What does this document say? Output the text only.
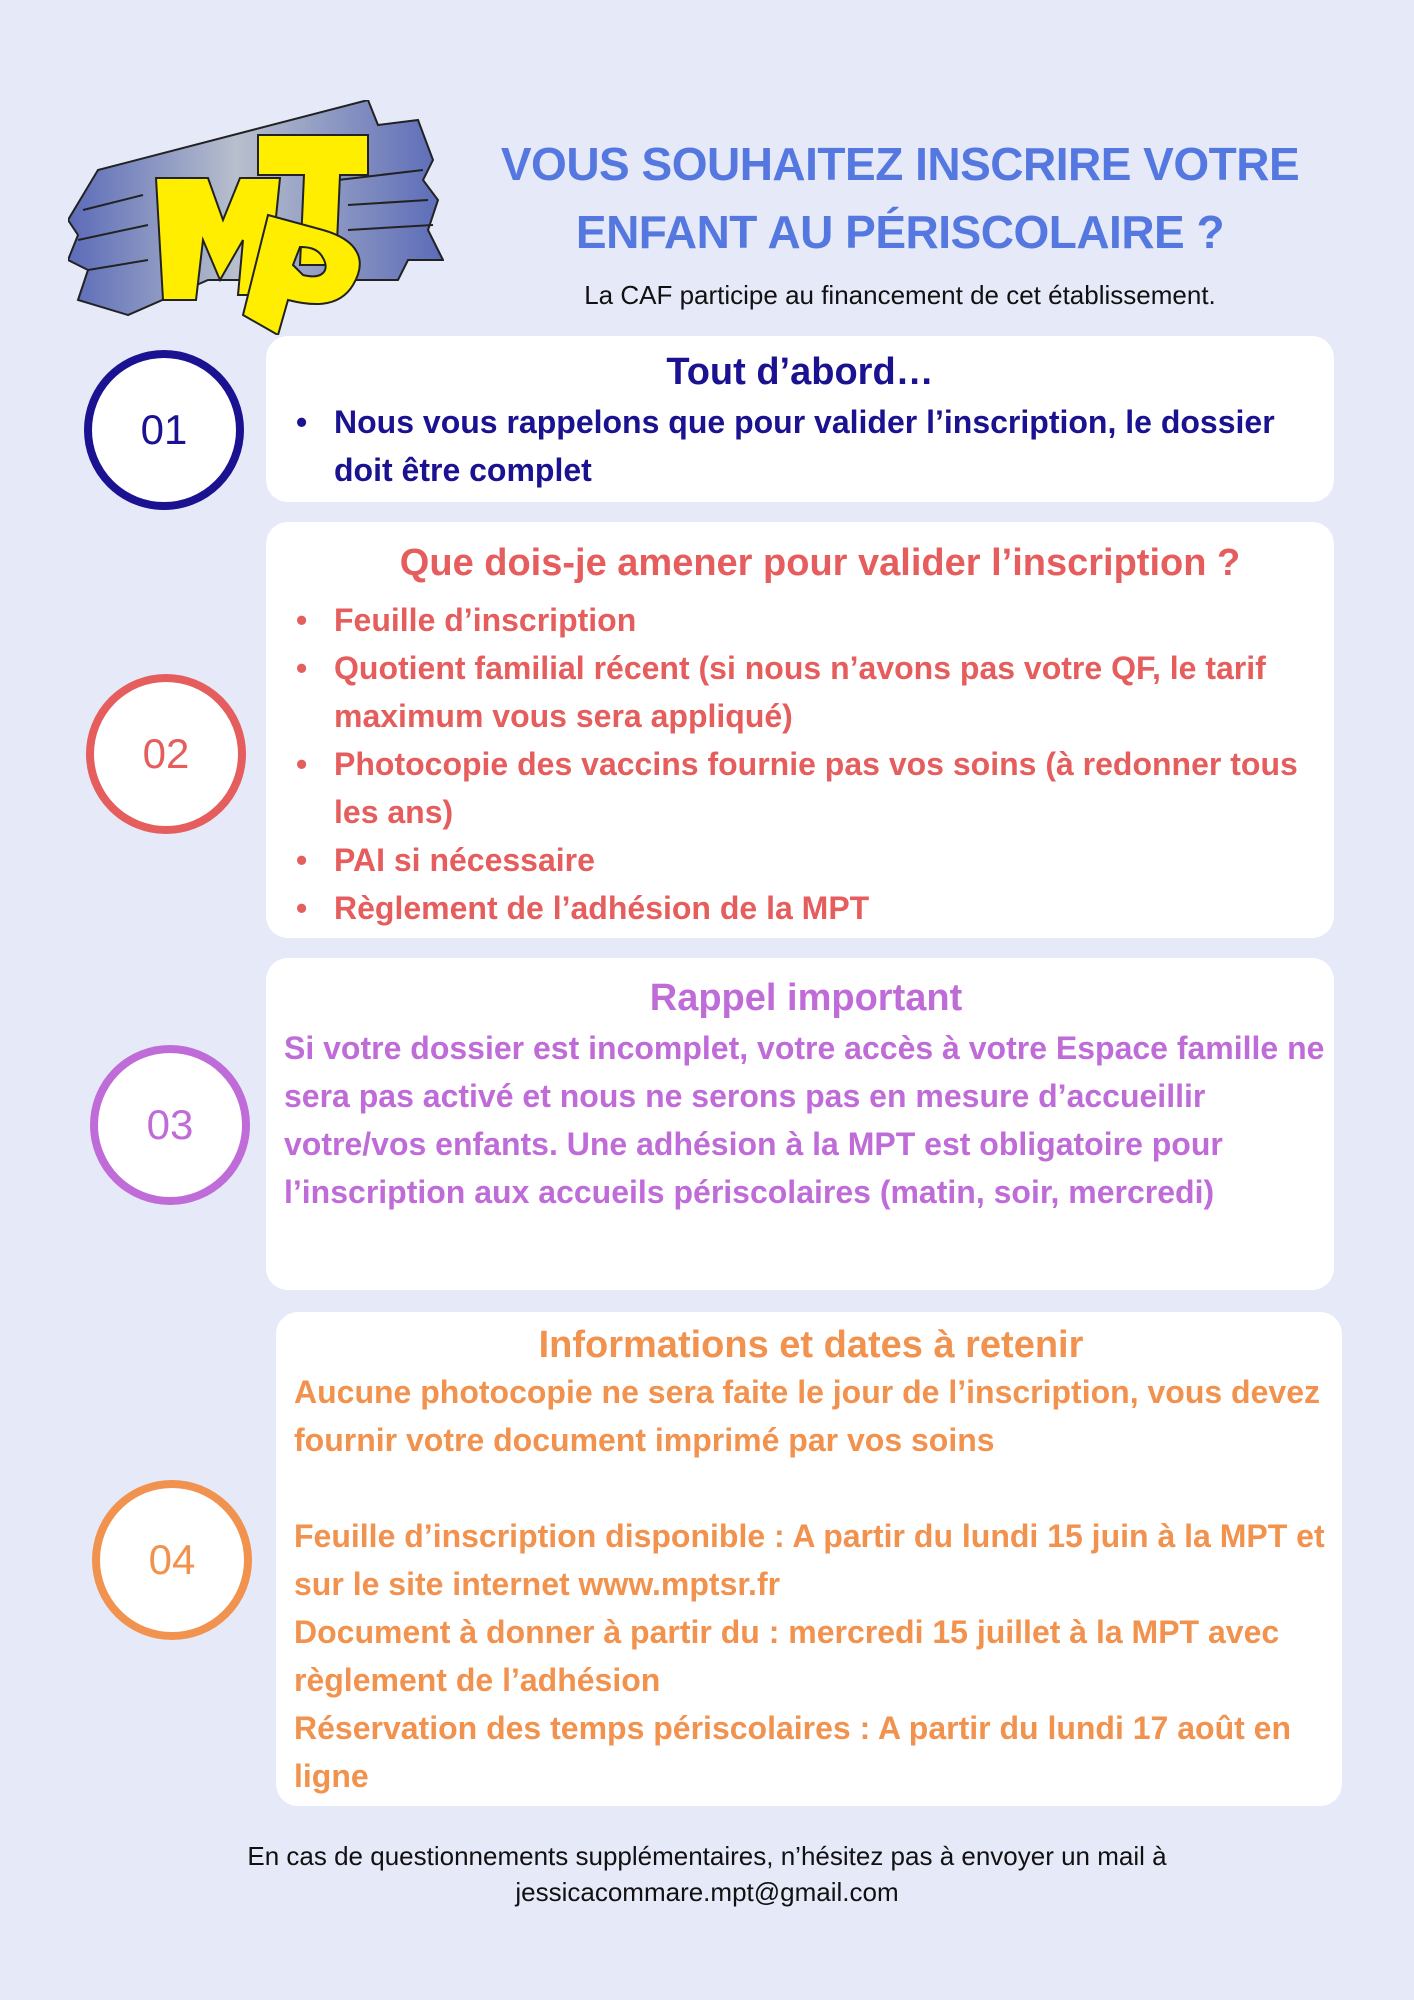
VOUS SOUHAITEZ INSCRIRE VOTRE
ENFANT AU PÉRISCOLAIRE ?
La CAF participe au financement de cet établissement.
01
Tout d’abord…
• Nous vous rappelons que pour valider l’inscription, le dossier doit être complet
02
Que dois-je amener pour valider l’inscription ?
• Feuille d’inscription
• Quotient familial récent (si nous n’avons pas votre QF, le tarif maximum vous sera appliqué)
• Photocopie des vaccins fournie pas vos soins (à redonner tous les ans)
• PAI si nécessaire
• Règlement de l’adhésion de la MPT
03
Rappel important

Si votre dossier est incomplet, votre accès à votre Espace famille ne sera pas activé et nous ne serons pas en mesure d’accueillir votre/vos enfants. Une adhésion à la MPT est obligatoire pour l’inscription aux accueils périscolaires (matin, soir, mercredi)

04
Informations et dates à retenir

Aucune photocopie ne sera faite le jour de l’inscription, vous devez fournir votre document imprimé par vos soins

Feuille d’inscription disponible : A partir du lundi 15 juin à la MPT et sur le site internet www.mptsr.fr

Document à donner à partir du : mercredi 15 juillet à la MPT avec règlement de l’adhésion

Réservation des temps périscolaires : A partir du lundi 17 août en ligne

En cas de questionnements supplémentaires, n’hésitez pas à envoyer un mail à
jessicacommare.mpt@gmail.com
